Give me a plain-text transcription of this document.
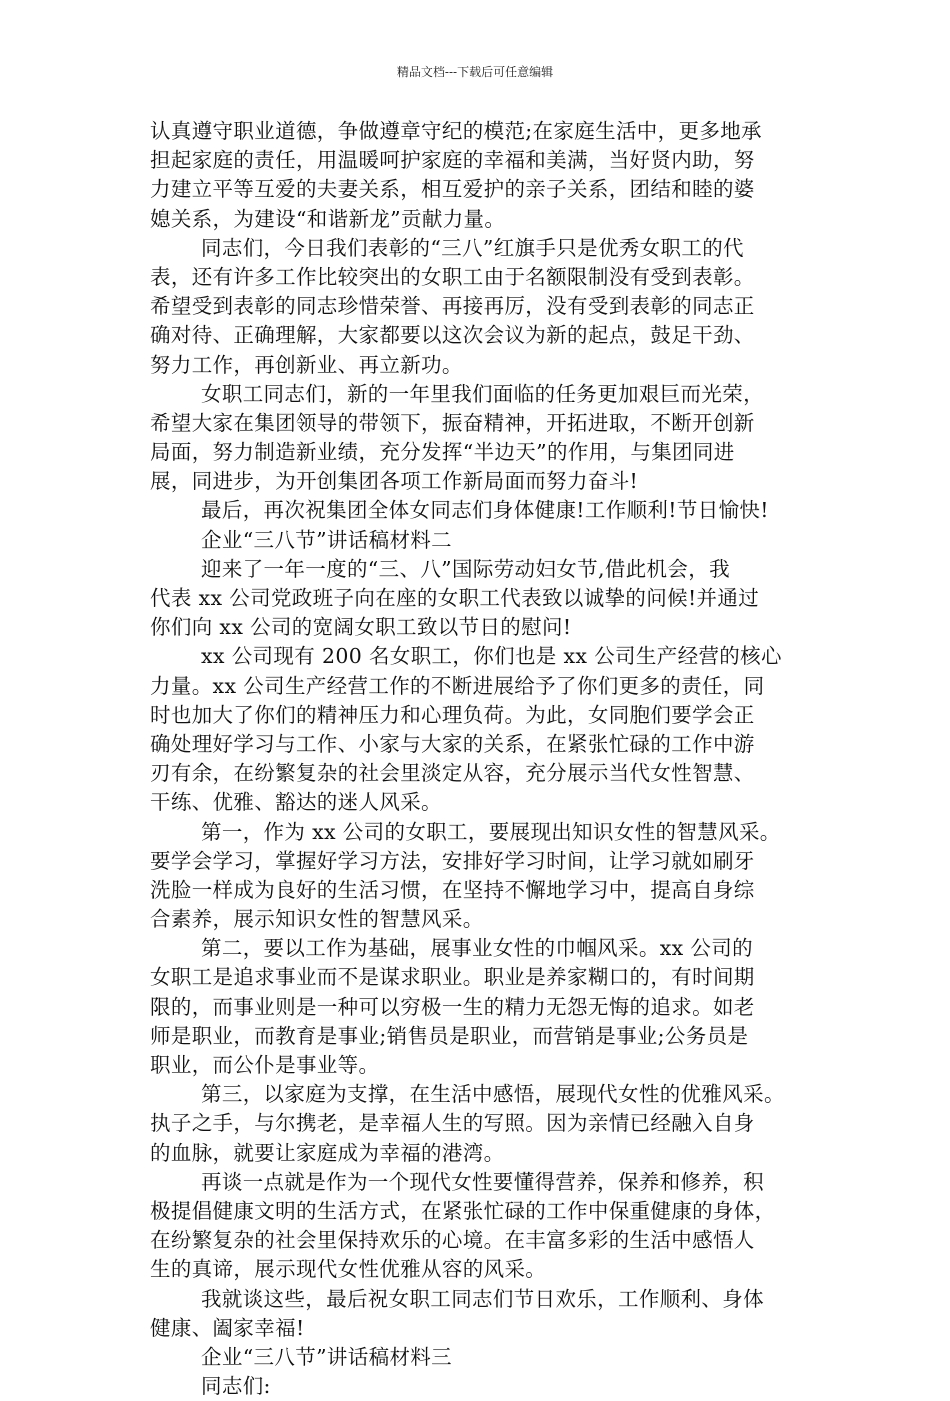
精品文档---下载后可任意编辑
认真遵守职业道德，争做遵章守纪的模范;在家庭生活中，更多地承
担起家庭的责任，用温暖呵护家庭的幸福和美满，当好贤内助，努
力建立平等互爱的夫妻关系，相互爱护的亲子关系，团结和睦的婆
媳关系，为建设“和谐新龙”贡献力量。
同志们，今日我们表彰的“三八”红旗手只是优秀女职工的代
表，还有许多工作比较突出的女职工由于名额限制没有受到表彰。
希望受到表彰的同志珍惜荣誉、再接再厉，没有受到表彰的同志正
确对待、正确理解，大家都要以这次会议为新的起点，鼓足干劲、
努力工作，再创新业、再立新功。
女职工同志们，新的一年里我们面临的任务更加艰巨而光荣，
希望大家在集团领导的带领下，振奋精神，开拓进取，不断开创新
局面，努力制造新业绩，充分发挥“半边天”的作用，与集团同进
展，同进步，为开创集团各项工作新局面而努力奋斗!
最后，再次祝集团全体女同志们身体健康!工作顺利!节日愉快!
企业“三八节”讲话稿材料二
迎来了一年一度的“三、八”国际劳动妇女节,借此机会，我
代表 xx 公司党政班子向在座的女职工代表致以诚挚的问候!并通过
你们向 xx 公司的宽阔女职工致以节日的慰问!
xx 公司现有 200 名女职工，你们也是 xx 公司生产经营的核心
力量。xx 公司生产经营工作的不断进展给予了你们更多的责任，同
时也加大了你们的精神压力和心理负荷。为此，女同胞们要学会正
确处理好学习与工作、小家与大家的关系，在紧张忙碌的工作中游
刃有余，在纷繁复杂的社会里淡定从容，充分展示当代女性智慧、
干练、优雅、豁达的迷人风采。
第一，作为 xx 公司的女职工，要展现出知识女性的智慧风采。
要学会学习，掌握好学习方法，安排好学习时间，让学习就如刷牙
洗脸一样成为良好的生活习惯，在坚持不懈地学习中，提高自身综
合素养，展示知识女性的智慧风采。
第二，要以工作为基础，展事业女性的巾帼风采。xx 公司的
女职工是追求事业而不是谋求职业。职业是养家糊口的，有时间期
限的，而事业则是一种可以穷极一生的精力无怨无悔的追求。如老
师是职业，而教育是事业;销售员是职业，而营销是事业;公务员是
职业，而公仆是事业等。
第三，以家庭为支撑，在生活中感悟，展现代女性的优雅风采。
执子之手，与尔携老，是幸福人生的写照。因为亲情已经融入自身
的血脉，就要让家庭成为幸福的港湾。
再谈一点就是作为一个现代女性要懂得营养，保养和修养，积
极提倡健康文明的生活方式，在紧张忙碌的工作中保重健康的身体，
在纷繁复杂的社会里保持欢乐的心境。在丰富多彩的生活中感悟人
生的真谛，展示现代女性优雅从容的风采。
我就谈这些，最后祝女职工同志们节日欢乐，工作顺利、身体
健康、阖家幸福!
企业“三八节”讲话稿材料三
同志们:
